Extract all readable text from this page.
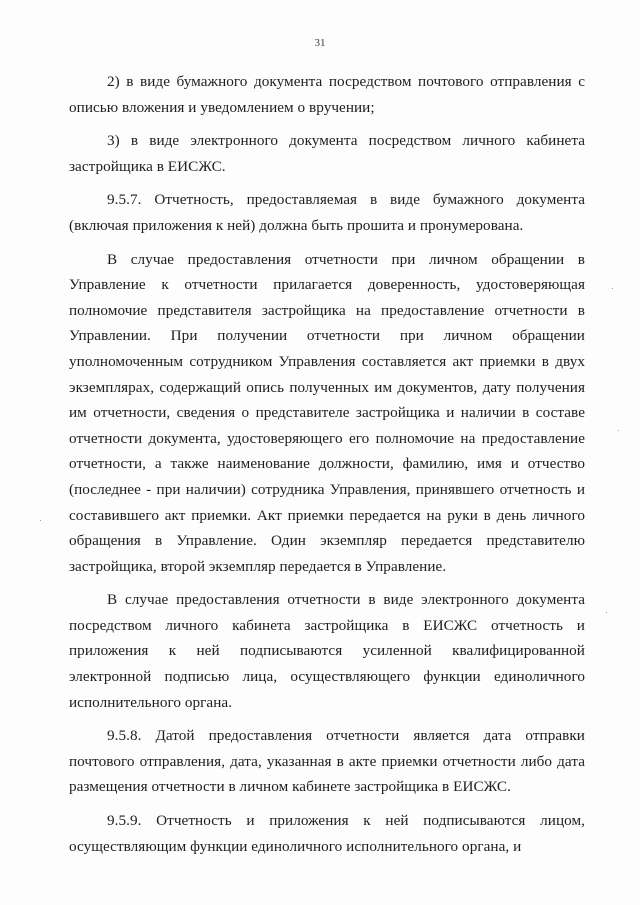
31

2) в виде бумажного документа посредством почтового отправления с описью вложения и уведомлением о вручении;

3) в виде электронного документа посредством личного кабинета застройщика в ЕИСЖС.

9.5.7. Отчетность, предоставляемая в виде бумажного документа (включая приложения к ней) должна быть прошита и пронумерована.

В случае предоставления отчетности при личном обращении в Управление к отчетности прилагается доверенность, удостоверяющая полномочие представителя застройщика на предоставление отчетности в Управлении. При получении отчетности при личном обращении уполномоченным сотрудником Управления составляется акт приемки в двух экземплярах, содержащий опись полученных им документов, дату получения им отчетности, сведения о представителе застройщика и наличии в составе отчетности документа, удостоверяющего его полномочие на предоставление отчетности, а также наименование должности, фамилию, имя и отчество (последнее - при наличии) сотрудника Управления, принявшего отчетность и составившего акт приемки. Акт приемки передается на руки в день личного обращения в Управление. Один экземпляр передается представителю застройщика, второй экземпляр передается в Управление.

В случае предоставления отчетности в виде электронного документа посредством личного кабинета застройщика в ЕИСЖС отчетность и приложения к ней подписываются усиленной квалифицированной электронной подписью лица, осуществляющего функции единоличного исполнительного органа.

9.5.8. Датой предоставления отчетности является дата отправки почтового отправления, дата, указанная в акте приемки отчетности либо дата размещения отчетности в личном кабинете застройщика в ЕИСЖС.

9.5.9. Отчетность и приложения к ней подписываются лицом, осуществляющим функции единоличного исполнительного органа, и
